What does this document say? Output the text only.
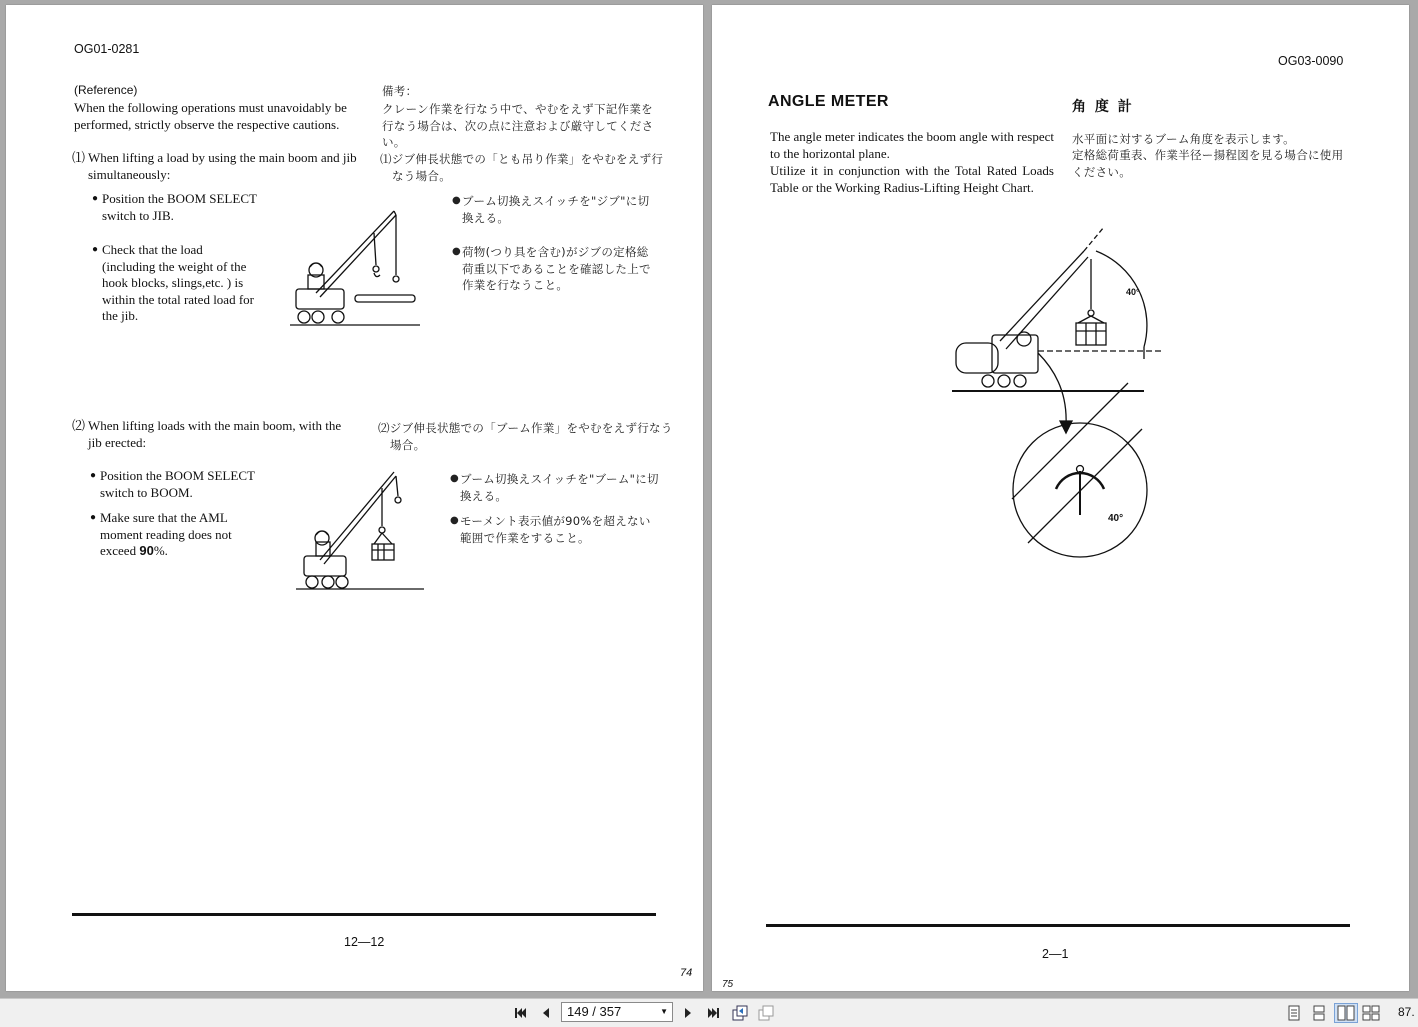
OG01-0281
(Reference)
When the following operations must unavoidably be performed, strictly observe the respective cautions.
備考：
クレーン作業を行なう中で、やむをえず下記作業を行なう場合は、次の点に注意および厳守してください。
⑴ When lifting a load by using the main boom and jib simultaneously:
⑴ジブ伸長状態での「とも吊り作業」をやむをえず行なう場合。
● Position the BOOM SELECT switch to JIB.
● Check that the load (including the weight of the hook blocks, slings,etc. ) is within the total rated load for the jib.
● ブーム切換えスイッチを"ジブ"に切換える。
● 荷物(つり具を含む)がジブの定格総荷重以下であることを確認した上で作業を行なうこと。
⑵ When lifting loads with the main boom, with the jib erected:
⑵ジブ伸長状態での「ブーム作業」をやむをえず行なう場合。
● Position the BOOM SELECT switch to BOOM.
● Make sure that the AML moment reading does not exceed 90%.
● ブーム切換えスイッチを"ブーム"に切換える。
● モーメント表示値が90%を超えない範囲で作業をすること。
12—12
74
OG03-0090
ANGLE METER	角 度 計
The angle meter indicates the boom angle with respect to the horizontal plane.
Utilize it in conjunction with the Total Rated Loads Table or the Working Radius-Lifting Height Chart.
水平面に対するブーム角度を表示します。
定格総荷重表、作業半径ー揚程図を見る場合に使用ください。
40°
40°
2—1
75
149 / 357	▼	87.
